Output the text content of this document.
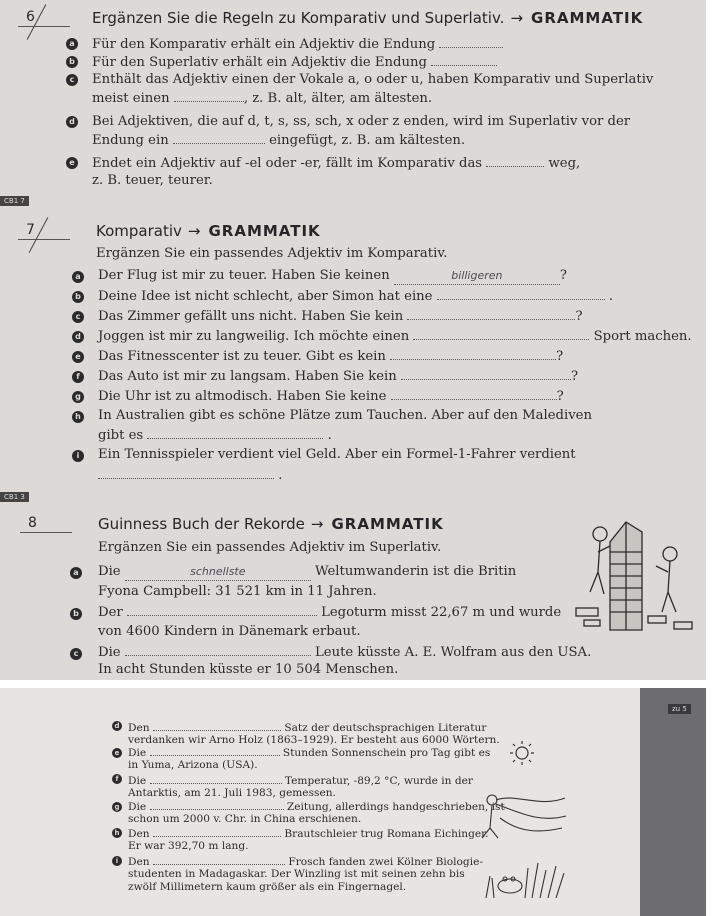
6	Ergänzen Sie die Regeln zu Komparativ und Superlativ. → GRAMMATIK
a Für den Komparativ erhält ein Adjektiv die Endung
b Für den Superlativ erhält ein Adjektiv die Endung
c Enthält das Adjektiv einen der Vokale a, o oder u, haben Komparativ und Superlativ
meist einen	, z. B. alt, älter, am ältesten.
d Bei Adjektiven, die auf d, t, s, ss, sch, x oder z enden, wird im Superlativ vor der
Endung ein	eingefügt, z. B. am kältesten.
e Endet ein Adjektiv auf -el oder -er, fällt im Komparativ das	weg,
z. B. teuer, teurer.
CB1 7
7	Komparativ → GRAMMATIK
Ergänzen Sie ein passendes Adjektiv im Komparativ.
a Der Flug ist mir zu teuer. Haben Sie keinen	billigeren	?
b Deine Idee ist nicht schlecht, aber Simon hat eine	.
c Das Zimmer gefällt uns nicht. Haben Sie kein	?
d Joggen ist mir zu langweilig. Ich möchte einen	Sport machen.
e Das Fitnesscenter ist zu teuer. Gibt es kein	?
f	Das Auto ist mir zu langsam. Haben Sie kein	?
g Die Uhr ist zu altmodisch. Haben Sie keine	?
h In Australien gibt es schöne Plätze zum Tauchen. Aber auf den Malediven
gibt es	.
i	Ein Tennisspieler verdient viel Geld. Aber ein Formel-1-Fahrer verdient
.
CB1 3
8	Guinness Buch der Rekorde → GRAMMATIK
Ergänzen Sie ein passendes Adjektiv im Superlativ.
a Die	schnellste	Weltumwanderin ist die Britin
Fyona Campbell: 31 521 km in 11 Jahren.
b Der	Legoturm misst 22,67 m und wurde
von 4600 Kindern in Dänemark erbaut.
c Die	Leute küsste A. E. Wolfram aus den USA.
In acht Stunden küsste er 10 504 Menschen.
d Den	Satz der deutschsprachigen Literatur
verdanken wir Arno Holz (1863–1929). Er besteht aus 6000 Wörtern.
e Die	Stunden Sonnenschein pro Tag gibt es
in Yuma, Arizona (USA).
f Die	Temperatur, -89,2 °C, wurde in der
Antarktis, am 21. Juli 1983, gemessen.
g Die	Zeitung, allerdings handgeschrieben, ist
schon um 2000 v. Chr. in China erschienen.
h Den	Brautschleier trug Romana Eichinger.
Er war 392,70 m lang.
i Den	Frosch fanden zwei Kölner Biologie-
studenten in Madagaskar. Der Winzling ist mit seinen zehn bis
zwölf Millimetern kaum größer als ein Fingernagel.
zu 5
